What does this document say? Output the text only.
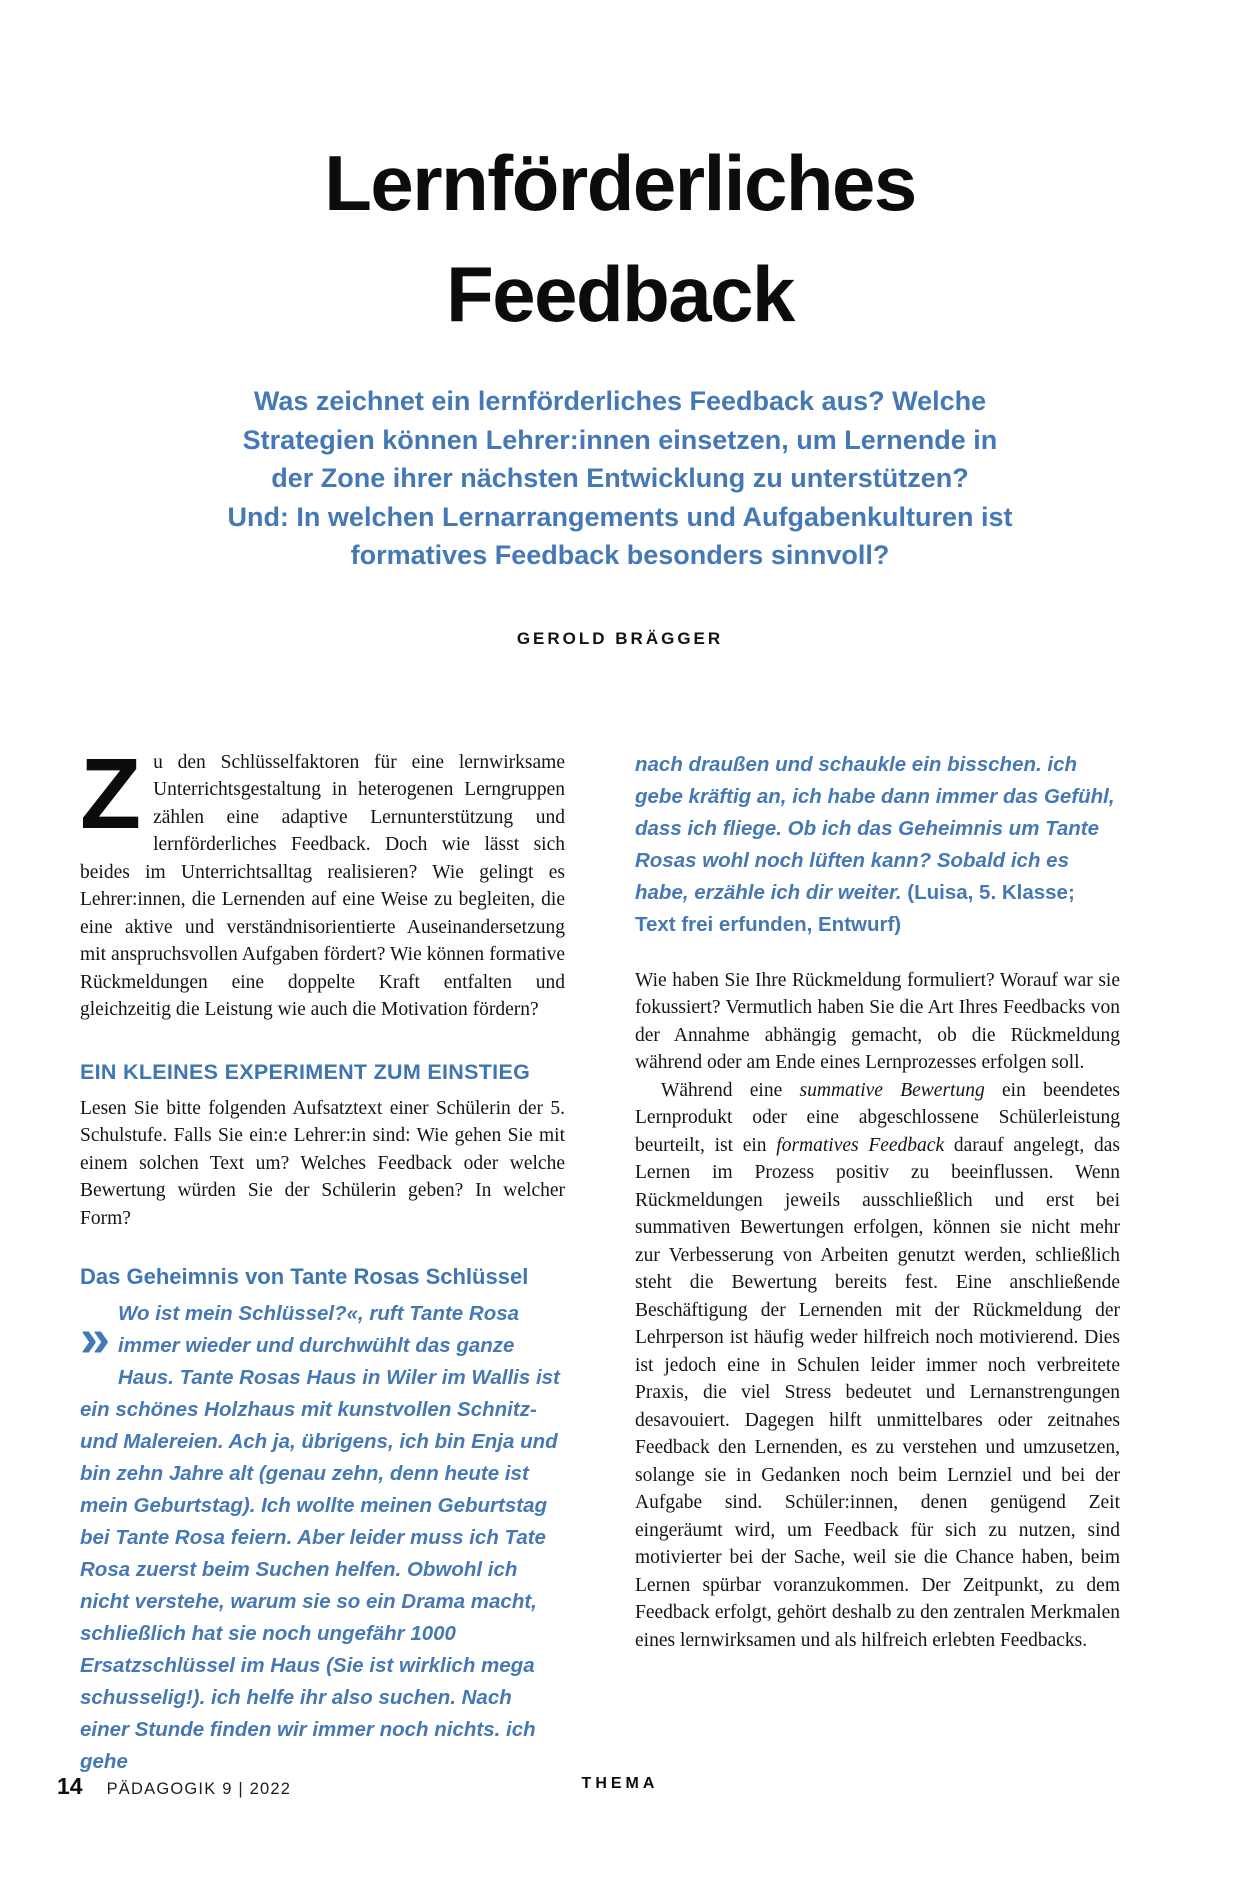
Lernförderliches
Feedback
Was zeichnet ein lernförderliches Feedback aus? Welche
Strategien können Lehrer:innen einsetzen, um Lernende in
der Zone ihrer nächsten Entwicklung zu unterstützen?
Und: In welchen Lernarrangements und Aufgabenkulturen ist
formatives Feedback besonders sinnvoll?
GEROLD BRÄGGER

Zu den Schlüsselfaktoren für eine lernwirksame Unterrichtsgestaltung in heterogenen Lerngruppen zählen eine adaptive Lernunterstützung und lernförderliches Feedback. Doch wie lässt sich beides im Unterrichtsalltag realisieren? Wie gelingt es Lehrer:innen, die Lernenden auf eine Weise zu begleiten, die eine aktive und verständnisorientierte Auseinandersetzung mit anspruchsvollen Aufgaben fördert? Wie können formative Rückmeldungen eine doppelte Kraft entfalten und gleichzeitig die Leistung wie auch die Motivation fördern?

EIN KLEINES EXPERIMENT ZUM EINSTIEG

Lesen Sie bitte folgenden Aufsatztext einer Schülerin der 5. Schulstufe. Falls Sie ein:e Lehrer:in sind: Wie gehen Sie mit einem solchen Text um? Welches Feedback oder welche Bewertung würden Sie der Schülerin geben? In welcher Form?

Das Geheimnis von Tante Rosas Schlüssel
» Wo ist mein Schlüssel?«, ruft Tante Rosa immer wieder und durchwühlt das ganze Haus. Tante Rosas Haus in Wiler im Wallis ist ein schönes Holzhaus mit kunstvollen Schnitz- und Malereien. Ach ja, übrigens, ich bin Enja und bin zehn Jahre alt (genau zehn, denn heute ist mein Geburtstag). Ich wollte meinen Geburtstag bei Tante Rosa feiern. Aber leider muss ich Tate Rosa zuerst beim Suchen helfen. Obwohl ich nicht verstehe, warum sie so ein Drama macht, schließlich hat sie noch ungefähr 1000 Ersatzschlüssel im Haus (Sie ist wirklich mega schusselig!). ich helfe ihr also suchen. Nach einer Stunde finden wir immer noch nichts. ich gehe
nach draußen und schaukle ein bisschen. ich gebe kräftig an, ich habe dann immer das Gefühl, dass ich fliege. Ob ich das Geheimnis um Tante Rosas wohl noch lüften kann? Sobald ich es habe, erzähle ich dir weiter. (Luisa, 5. Klasse; Text frei erfunden, Entwurf)

Wie haben Sie Ihre Rückmeldung formuliert? Worauf war sie fokussiert? Vermutlich haben Sie die Art Ihres Feedbacks von der Annahme abhängig gemacht, ob die Rückmeldung während oder am Ende eines Lernprozesses erfolgen soll.

Während eine summative Bewertung ein beendetes Lernprodukt oder eine abgeschlossene Schülerleistung beurteilt, ist ein formatives Feedback darauf angelegt, das Lernen im Prozess positiv zu beeinflussen. Wenn Rückmeldungen jeweils ausschließlich und erst bei summativen Bewertungen erfolgen, können sie nicht mehr zur Verbesserung von Arbeiten genutzt werden, schließlich steht die Bewertung bereits fest. Eine anschließende Beschäftigung der Lernenden mit der Rückmeldung der Lehrperson ist häufig weder hilfreich noch motivierend. Dies ist jedoch eine in Schulen leider immer noch verbreitete Praxis, die viel Stress bedeutet und Lernanstrengungen desavouiert. Dagegen hilft unmittelbares oder zeitnahes Feedback den Lernenden, es zu verstehen und umzusetzen, solange sie in Gedanken noch beim Lernziel und bei der Aufgabe sind. Schüler:innen, denen genügend Zeit eingeräumt wird, um Feedback für sich zu nutzen, sind motivierter bei der Sache, weil sie die Chance haben, beim Lernen spürbar voranzukommen. Der Zeitpunkt, zu dem Feedback erfolgt, gehört deshalb zu den zentralen Merkmalen eines lernwirksamen und als hilfreich erlebten Feedbacks.

14 PÄDAGOGIK 9 | 2022	THEMA
